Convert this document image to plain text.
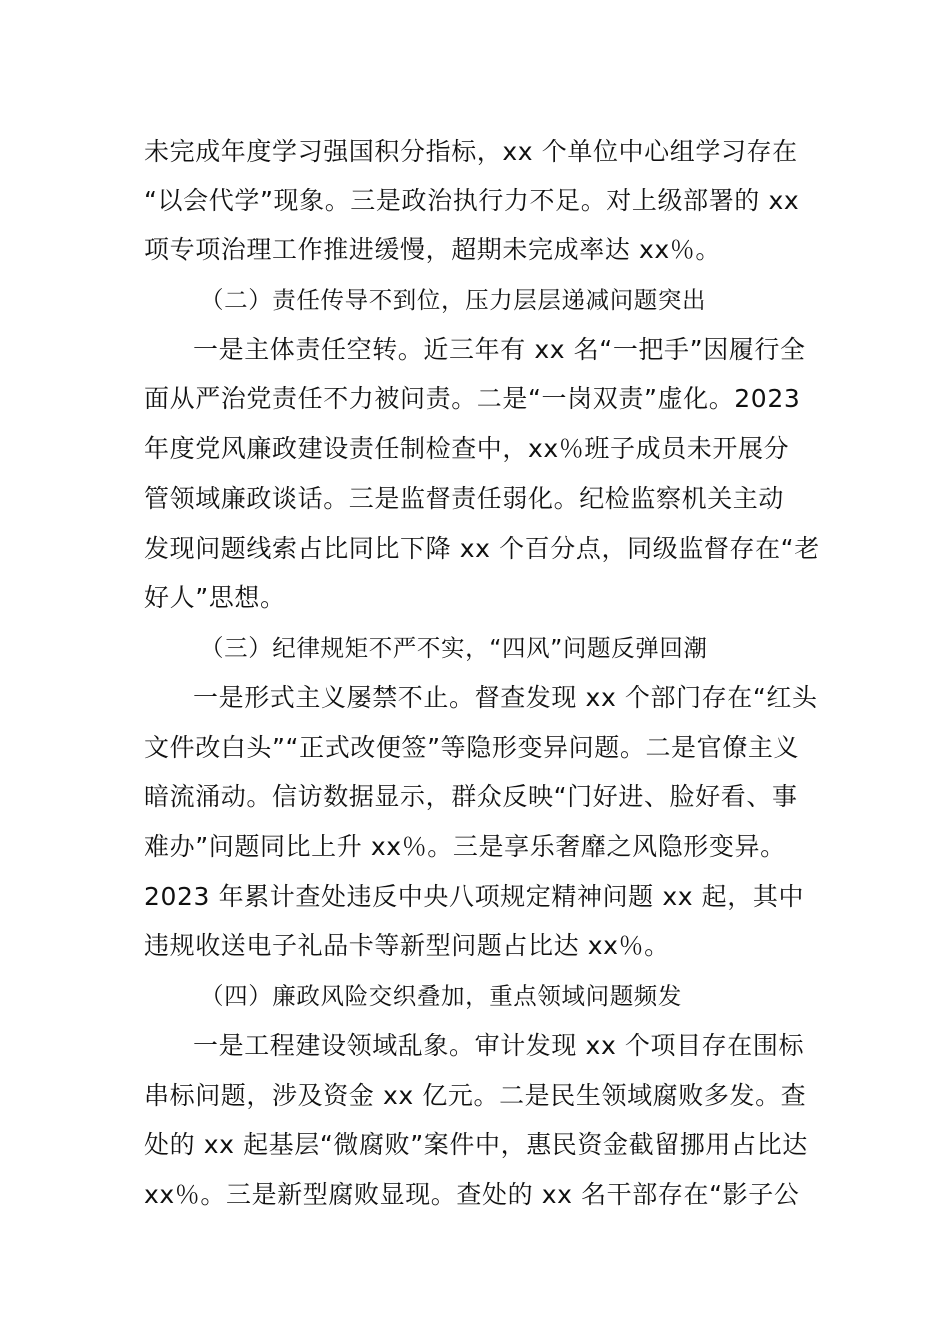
未完成年度学习强国积分指标，xx 个单位中心组学习存在
“以会代学”现象。三是政治执行力不足。对上级部署的 xx
项专项治理工作推进缓慢，超期未完成率达 xx％。
（二）责任传导不到位，压力层层递减问题突出
一是主体责任空转。近三年有 xx 名“一把手”因履行全
面从严治党责任不力被问责。二是“一岗双责”虚化。2023
年度党风廉政建设责任制检查中，xx％班子成员未开展分
管领域廉政谈话。三是监督责任弱化。纪检监察机关主动
发现问题线索占比同比下降 xx 个百分点，同级监督存在“老
好人”思想。
（三）纪律规矩不严不实，“四风”问题反弹回潮
一是形式主义屡禁不止。督查发现 xx 个部门存在“红头
文件改白头”“正式改便签”等隐形变异问题。二是官僚主义
暗流涌动。信访数据显示，群众反映“门好进、脸好看、事
难办”问题同比上升 xx％。三是享乐奢靡之风隐形变异。
2023 年累计查处违反中央八项规定精神问题 xx 起，其中
违规收送电子礼品卡等新型问题占比达 xx％。
（四）廉政风险交织叠加，重点领域问题频发
一是工程建设领域乱象。审计发现 xx 个项目存在围标
串标问题，涉及资金 xx 亿元。二是民生领域腐败多发。查
处的 xx 起基层“微腐败”案件中，惠民资金截留挪用占比达
xx％。三是新型腐败显现。查处的 xx 名干部存在“影子公
